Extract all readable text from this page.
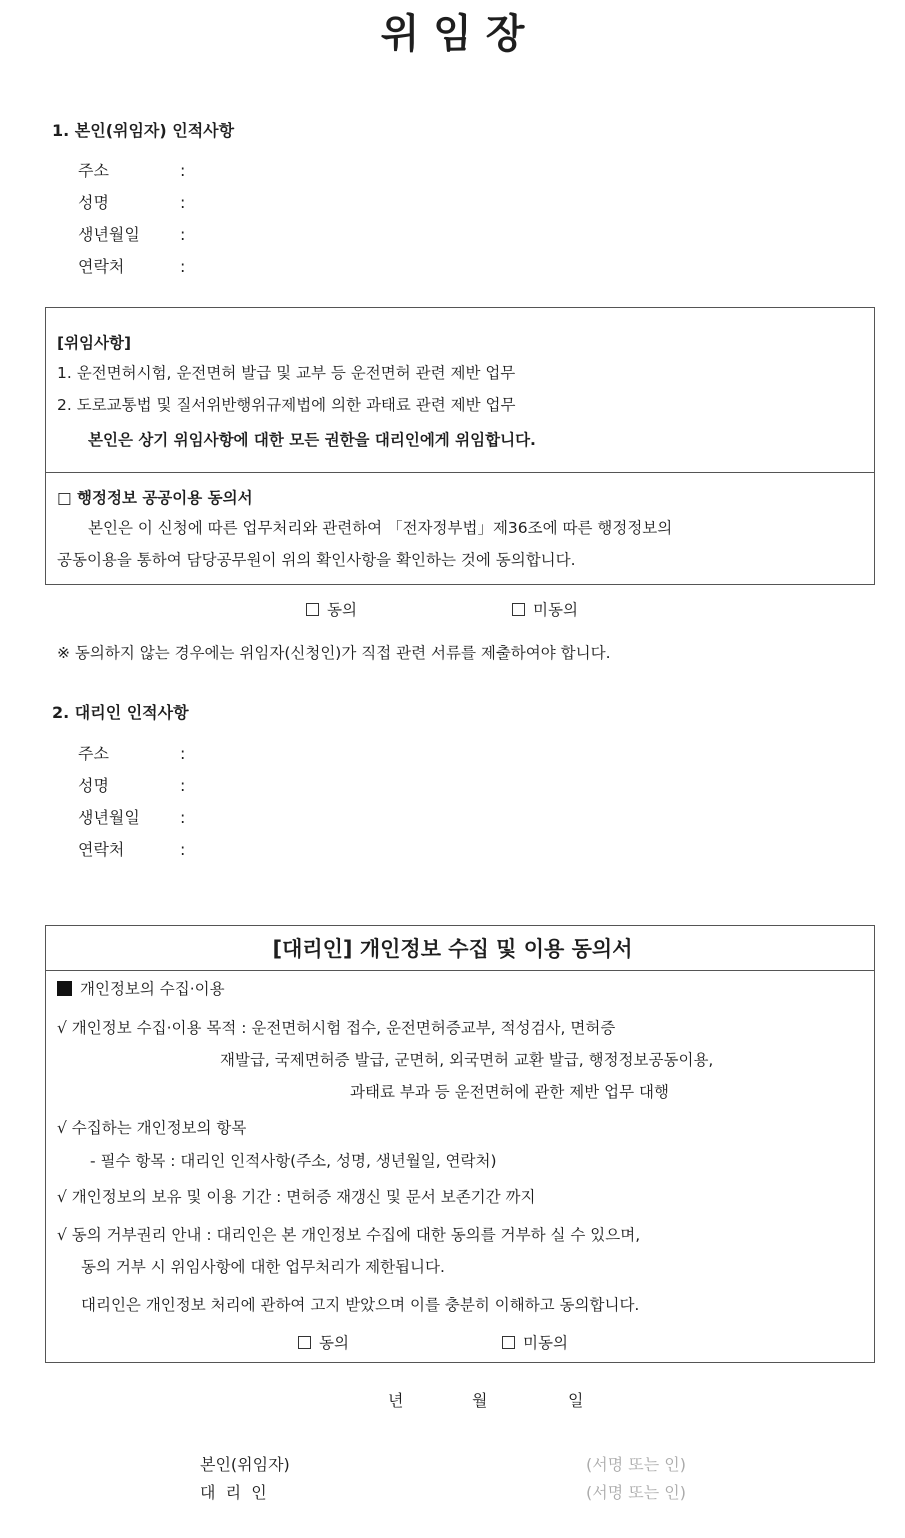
위 임 장
1. 본인(위임자) 인적사항
주소	:
성명	:
생년월일	:
연락처	:
[위임사항]
1. 운전면허시험, 운전면허 발급 및 교부 등 운전면허 관련 제반 업무
2. 도로교통법 및 질서위반행위규제법에 의한 과태료 관련 제반 업무
본인은 상기 위임사항에 대한 모든 권한을 대리인에게 위임합니다.
□ 행정정보 공공이용 동의서
본인은 이 신청에 따른 업무처리와 관련하여 「전자정부법」제36조에 따른 행정정보의
공동이용을 통하여 담당공무원이 위의 확인사항을 확인하는 것에 동의합니다.
동의	미동의
※ 동의하지 않는 경우에는 위임자(신청인)가 직접 관련 서류를 제출하여야 합니다.
2. 대리인 인적사항
주소	:
성명	:
생년월일	:
연락처	:
[대리인] 개인정보 수집 및 이용 동의서
개인정보의 수집·이용
√ 개인정보 수집·이용 목적 : 운전면허시험 접수, 운전면허증교부, 적성검사, 면허증
재발급, 국제면허증 발급, 군면허, 외국면허 교환 발급, 행정정보공동이용,
과태료 부과 등 운전면허에 관한 제반 업무 대행
√ 수집하는 개인정보의 항목
- 필수 항목 : 대리인 인적사항(주소, 성명, 생년월일, 연락처)
√ 개인정보의 보유 및 이용 기간 : 면허증 재갱신 및 문서 보존기간 까지
√ 동의 거부권리 안내 : 대리인은 본 개인정보 수집에 대한 동의를 거부하 실 수 있으며,
동의 거부 시 위임사항에 대한 업무처리가 제한됩니다.
대리인은 개인정보 처리에 관하여 고지 받았으며 이를 충분히 이해하고 동의합니다.
동의	미동의
년	월	일
본인(위임자)	(서명 또는 인)
대  리  인	(서명 또는 인)
